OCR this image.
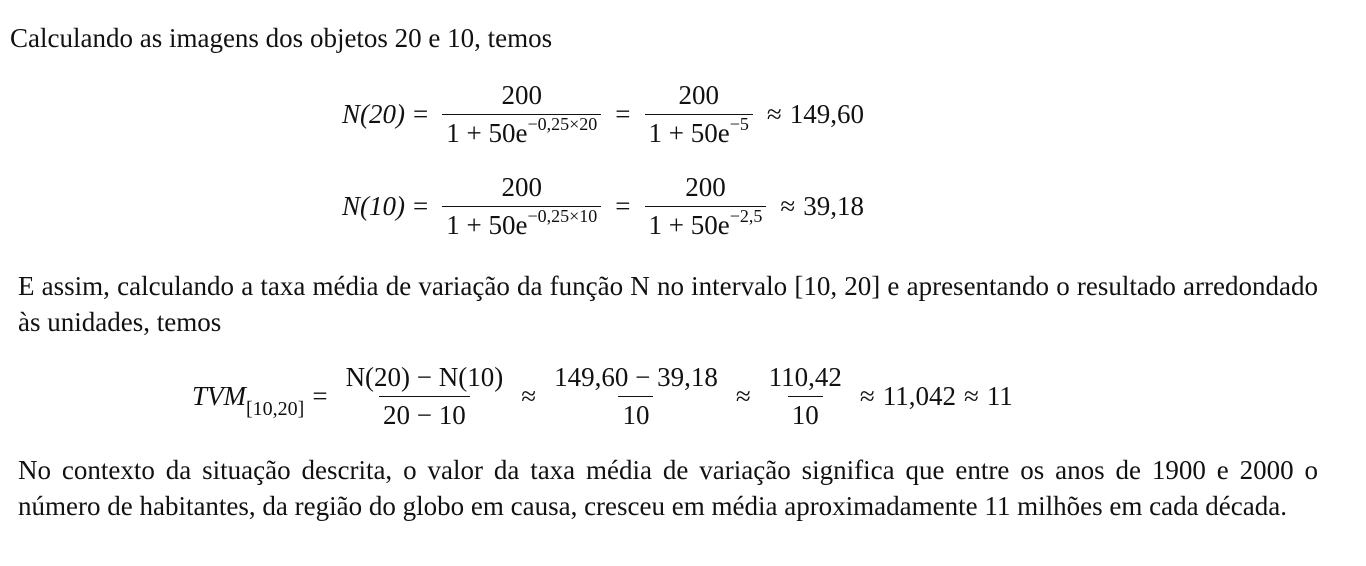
Calculando as imagens dos objetos 20 e 10, temos
$N(20) = \frac{200}{1 + 50e^{-0,25\times 20}} = \frac{200}{1 + 50e^{-5}} \approx 149,60$
$N(10) = \frac{200}{1 + 50e^{-0,25\times 10}} = \frac{200}{1 + 50e^{-2,5}} \approx 39,18$
E assim, calculando a taxa média de variação da função N no intervalo [10, 20] e apresentando o resultado arredondado às unidades, temos
$TVM_{[10,20]} = \frac{N(20) - N(10)}{20 - 10} \approx \frac{149,60 - 39,18}{10} \approx \frac{110,42}{10} \approx 11,042 \approx 11$
No contexto da situação descrita, o valor da taxa média de variação significa que entre os anos de 1900 e 2000 o número de habitantes, da região do globo em causa, cresceu em média aproximadamente 11 milhões em cada década.
